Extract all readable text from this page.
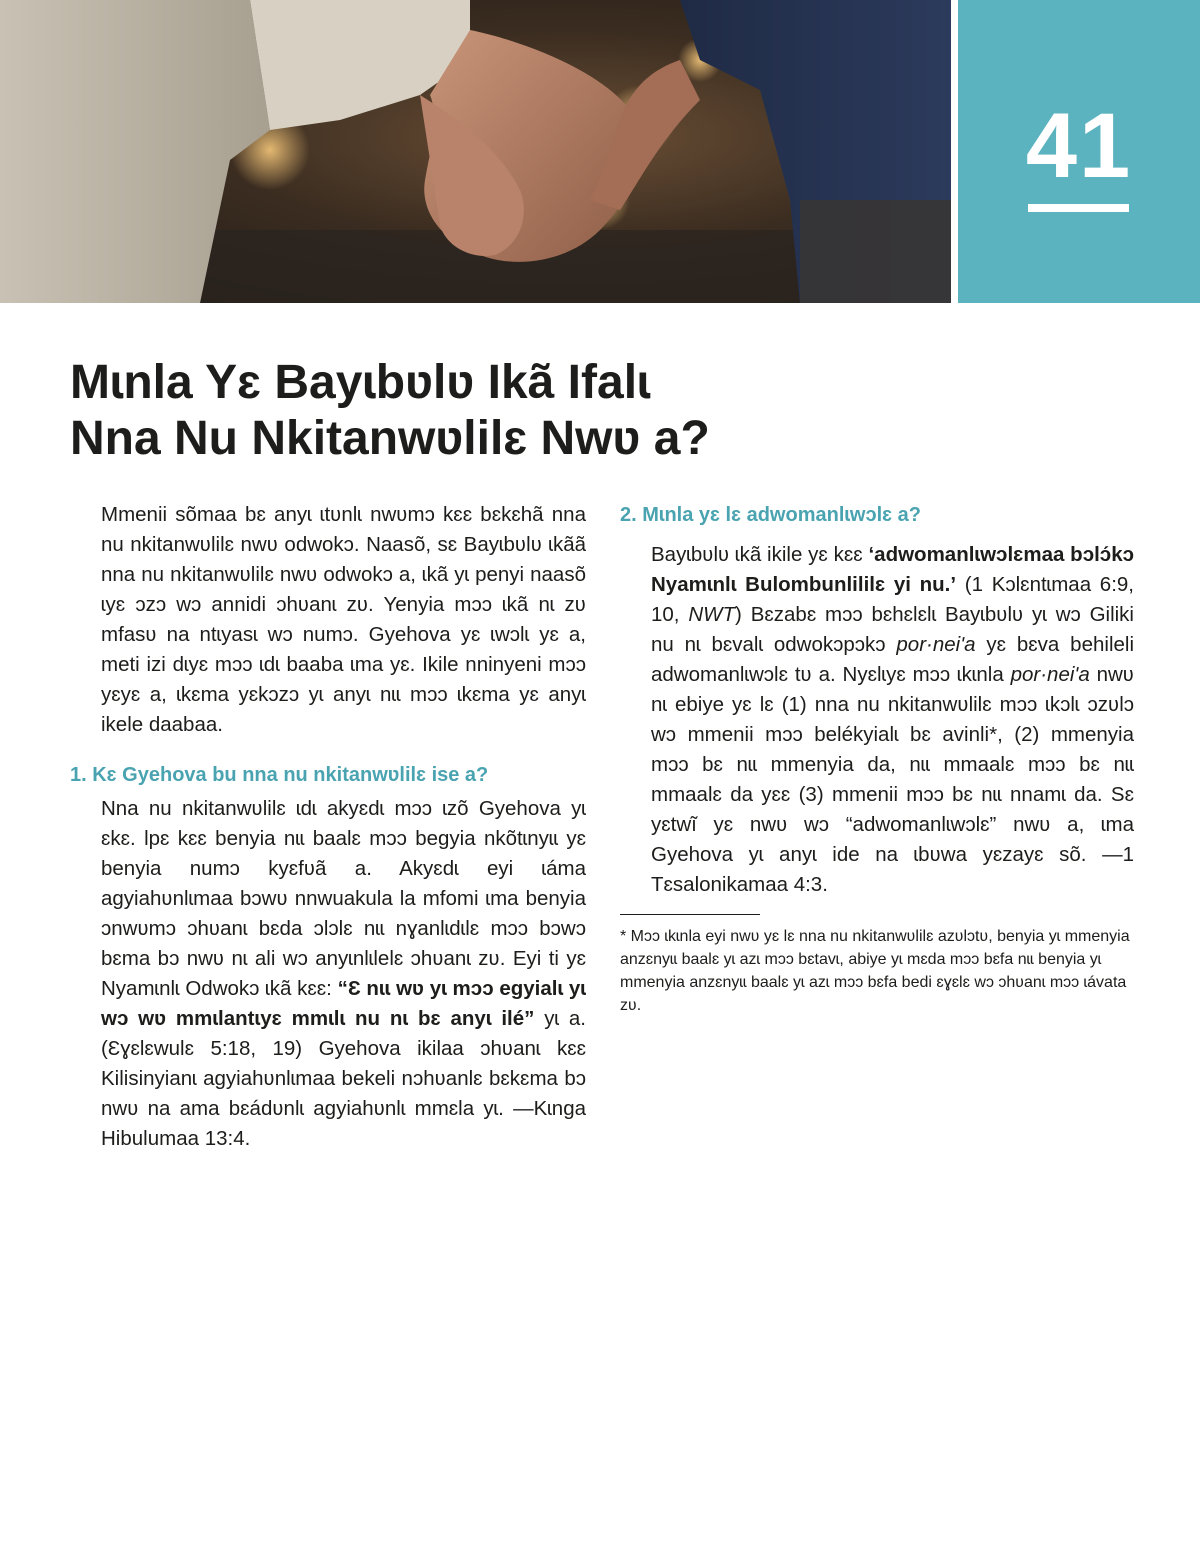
41
Mɩnla Yɛ Bayɩbʋlʋ Ɩkã Ɩfalɩ
Nna Nu Nkitanwʋlilɛ Nwʋ a?

Mmenii sõmaa bɛ anyɩ ɩtʋnlɩ nwʋmɔ kɛɛ bɛkɛhã nna nu nkitanwʋlilɛ nwʋ odwokɔ. Naasõ, sɛ Bayɩbʋlʋ ɩkãã nna nu nkitanwʋlilɛ nwʋ odwokɔ a, ɩkã yɩ penyi naasõ ɩyɛ ɔzɔ wɔ annidi ɔhʋanɩ zʋ. Yenyia mɔɔ ɩkã nɩ zʋ mfasʋ na ntɩyasɩ wɔ numɔ. Gyehova yɛ ɩwɔlɩ yɛ a, meti izi dɩyɛ mɔɔ ɩdɩ baaba ɩma yɛ. Ikile nninyeni mɔɔ yɛyɛ a, ɩkɛma yɛkɔzɔ yɩ anyɩ nɩɩ mɔɔ ɩkɛma yɛ anyɩ ikele daabaa.

1. Kɛ Gyehova bu nna nu nkitanwʋlilɛ ise a?

Nna nu nkitanwʋlilɛ ɩdɩ akyɛdɩ mɔɔ ɩzõ Gyehova yɩ ɛkɛ. Ɩpɛ kɛɛ benyia nɩɩ baalɛ mɔɔ begyia nkõtɩnyɩɩ yɛ benyia numɔ kyɛfʋã a. Akyɛdɩ eyi ɩáma agyiahʋnlɩmaa bɔwʋ nnwuakula la mfomi ɩma benyia ɔnwʋmɔ ɔhʋanɩ bɛda ɔlɔlɛ nɩɩ nɣanlɩdɩlɛ mɔɔ bɔwɔ bɛma bɔ nwʋ nɩ ali wɔ anyɩnlɩlelɛ ɔhʋanɩ zʋ. Eyi ti yɛ Nyamɩnlɩ Odwokɔ ɩkã kɛɛ: “Ɛ nɩɩ wʋ yɩ mɔɔ egyialɩ yɩ wɔ wʋ mmɩlantɩyɛ mmɩlɩ nu nɩ bɛ anyɩ ilé” yɩ a. (Ɛɣɛlɛwulɛ 5:18, 19) Gyehova ikilaa ɔhʋanɩ kɛɛ Kilisinyianɩ agyiahʋnlɩmaa bekeli nɔhʋanlɛ bɛkɛma bɔ nwʋ na ama bɛádʋnlɩ agyiahʋnlɩ mmɛla yɩ. —Kɩnga Hibulumaa 13:4.

2. Mɩnla yɛ lɛ adwomanlɩwɔlɛ a?

Bayɩbʋlʋ ɩkã ikile yɛ kɛɛ ‘adwomanlɩwɔlɛmaa bɔlɔ́kɔ Nyamɩnlɩ Bulombunlililɛ yi nu.’ (1 Kɔlɛntɩmaa 6:9, 10, NWT) Bɛzabɛ mɔɔ bɛhɛlɛlɩ Bayɩbʋlʋ yɩ wɔ Giliki nu nɩ bɛvalɩ odwokɔpɔkɔ por·neiʹa yɛ bɛva behileli adwomanlɩwɔlɛ tʋ a. Nyɛlɩyɛ mɔɔ ɩkɩnla por·neiʹa nwʋ nɩ ebiye yɛ lɛ (1) nna nu nkitanwʋlilɛ mɔɔ ɩkɔlɩ ɔzʋlɔ wɔ mmenii mɔɔ belékyialɩ bɛ avinli*, (2) mmenyia mɔɔ bɛ nɩɩ mmenyia da, nɩɩ mmaalɛ mɔɔ bɛ nɩɩ mmaalɛ da yɛɛ (3) mmenii mɔɔ bɛ nɩɩ nnamɩ da. Sɛ yɛtwĩ yɛ nwʋ wɔ “adwomanlɩwɔlɛ” nwʋ a, ɩma Gyehova yɩ anyɩ ide na ɩbʋwa yɛzayɛ sõ. —1 Tɛsalonikamaa 4:3.

* Mɔɔ ɩkɩnla eyi nwʋ yɛ lɛ nna nu nkitanwʋlilɛ azʋlɔtʋ, benyia yɩ mmenyia anzɛnyɩɩ baalɛ yɩ azɩ mɔɔ bɛtavɩ, abiye yɩ mɛda mɔɔ bɛfa nɩɩ benyia yɩ mmenyia anzɛnyɩɩ baalɛ yɩ azɩ mɔɔ bɛfa bedi ɛɣɛlɛ wɔ ɔhʋanɩ mɔɔ ɩávata zʋ.
